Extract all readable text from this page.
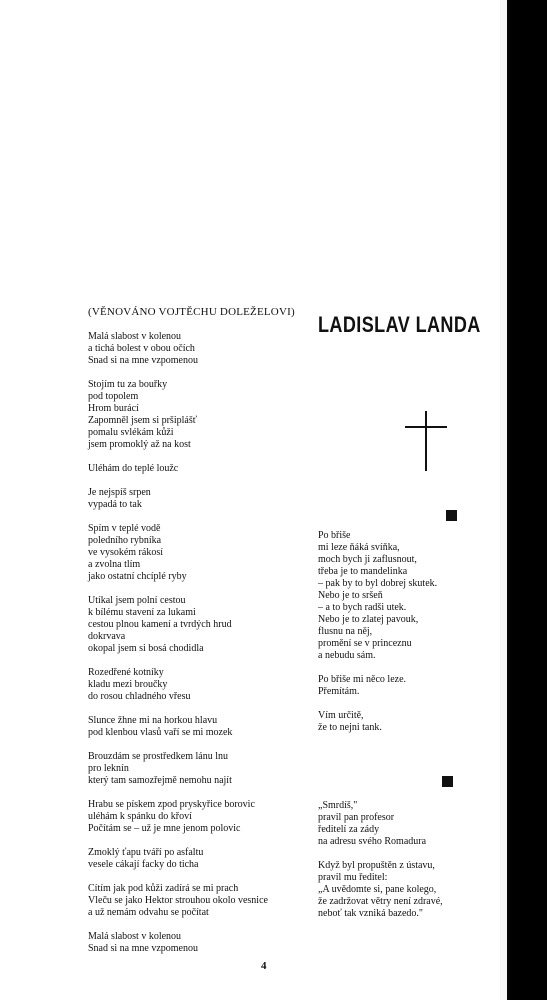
(VĚNOVÁNO VOJTĚCHU DOLEŽELOVI) LADISLAV LANDA
Malá slabost v kolenou
a tichá bolest v obou očích
Snad si na mne vzpomenou
Stojím tu za bouřky
pod topolem
Hrom burácí
Zapomněl jsem si pršiplášť
pomalu svlékám kůži
jsem promoklý až na kost
Uléhám do teplé loužc
Je nejspíš srpen
vypadá to tak
Spím v teplé vodě
poledního rybníka
ve vysokém rákosí
a zvolna tlím
jako ostatní chcíplé ryby
Utíkal jsem polní cestou
k bílému stavení za lukami
cestou plnou kamení a tvrdých hrud
dokrvava
okopal jsem si bosá chodidla
Rozedřené kotníky
kladu mezi broučky
do rosou chladného vřesu
Slunce žhne mi na horkou hlavu
pod klenbou vlasů vaří se mi mozek
Brouzdám se prostředkem lánu lnu
pro leknín
který tam samozřejmě nemohu najít
Hrabu se pískem zpod pryskyřice borovic
uléhám k spánku do křoví
Počítám se – už je mne jenom polovic
Zmoklý ťapu tváří po asfaltu
vesele cákají facky do ticha
Cítím jak pod kůži zadírá se mi prach
Vleču se jako Hektor strouhou okolo vesnice
a už nemám odvahu se počítat
Malá slabost v kolenou
Snad si na mne vzpomenou
Po břiše
mi leze ňáká svíňka,
moch bych ji zaflusnout,
třeba je to mandelinka
– pak by to byl dobrej skutek.
Nebo je to sršeň
– a to bych radši utek.
Nebo je to zlatej pavouk,
flusnu na něj,
promění se v princeznu
a nebudu sám.
Po břiše mi něco leze.
Přemítám.
Vím určitě,
že to nejni tank.
„Smrdíš,"
pravil pan profesor
ředitelí za zády
na adresu svého Romadura
Když byl propuštěn z ústavu,
pravil mu ředitel:
„A uvědomte si, pane kolego,
že zadržovat větry není zdravé,
neboť tak vzniká bazedo."
4
